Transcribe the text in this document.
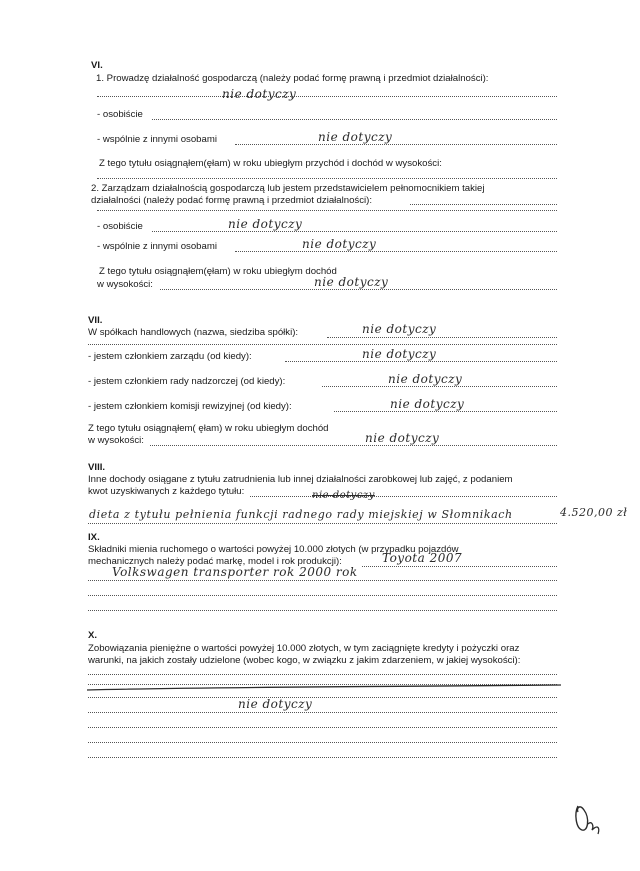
VI.
1. Prowadzę działalność gospodarczą (należy podać formę prawną i przedmiot działalności):
nie dotyczy
- osobiście
- wspólnie z innymi osobami	nie dotyczy
Z tego tytułu osiągnąłem(ęłam) w roku ubiegłym przychód i dochód w wysokości:
2. Zarządzam działalnością gospodarczą lub jestem przedstawicielem pełnomocnikiem takiej
działalności (należy podać formę prawną i przedmiot działalności):
- osobiście	nie dotyczy
- wspólnie z innymi osobami	nie dotyczy
Z tego tytułu osiągnąłem(ęłam) w roku ubiegłym dochód
w wysokości:	nie dotyczy
VII.
W spółkach handlowych (nazwa, siedziba spółki):	nie dotyczy
- jestem członkiem zarządu (od kiedy):	nie dotyczy
- jestem członkiem rady nadzorczej (od kiedy):	nie dotyczy
- jestem członkiem komisji rewizyjnej (od kiedy):	nie dotyczy
Z tego tytułu osiągnąłem( ęłam) w roku ubiegłym dochód
w wysokości:	nie dotyczy
VIII.
Inne dochody osiągane z tytułu zatrudnienia lub innej działalności zarobkowej lub zajęć, z podaniem
kwot uzyskiwanych z każdego tytułu:	nie dotyczy
dieta z tytułu pełnienia funkcji radnego rady miejskiej w Słomnikach	4.520,00 zł
IX.
Składniki mienia ruchomego o wartości powyżej 10.000 złotych (w przypadku pojazdów
mechanicznych należy podać markę, model i rok produkcji):	Toyota 2007
Volkswagen transporter rok 2000 rok
X.
Zobowiązania pieniężne o wartości powyżej 10.000 złotych, w tym zaciągnięte kredyty i pożyczki oraz
warunki, na jakich zostały udzielone (wobec kogo, w związku z jakim zdarzeniem, w jakiej wysokości):
nie dotyczy
